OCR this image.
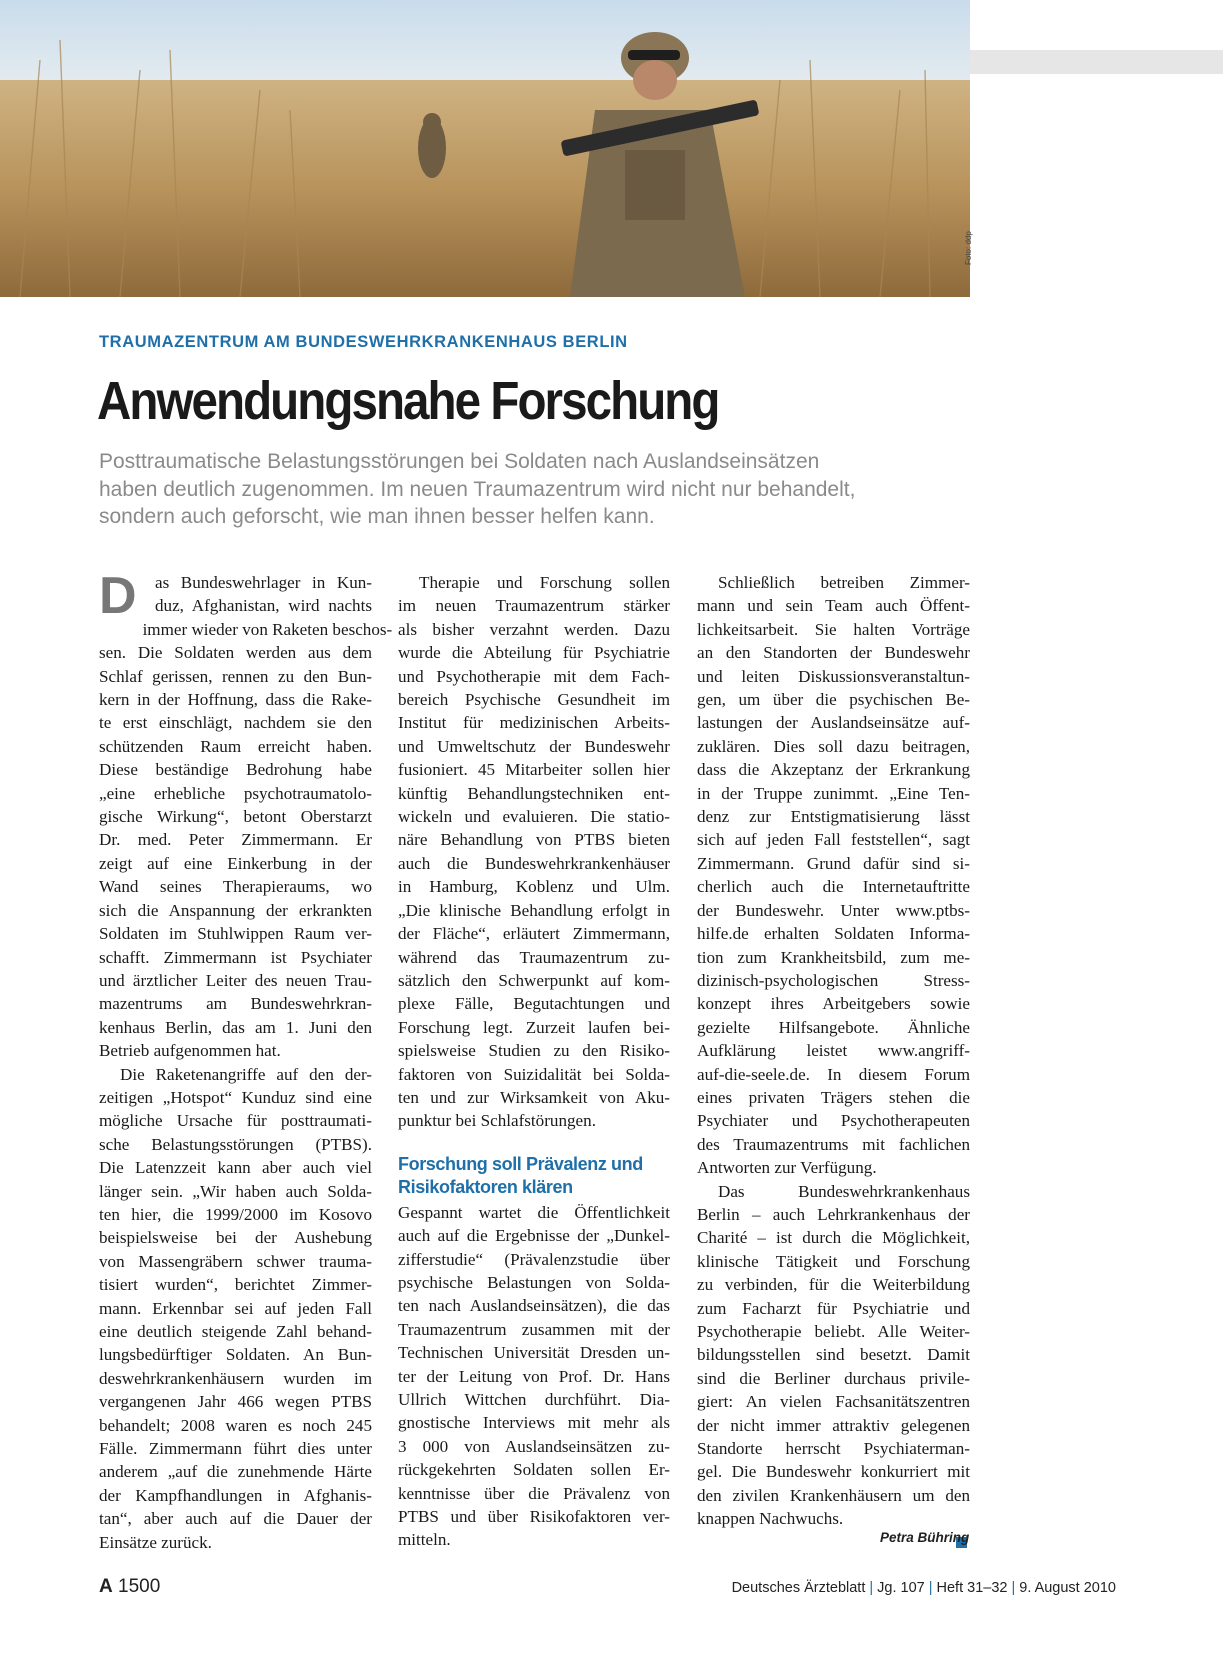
Foto: ddp
TRAUMAZENTRUM AM BUNDESWEHRKRANKENHAUS BERLIN
Anwendungsnahe Forschung

Posttraumatische Belastungsstörungen bei Soldaten nach Auslandseinsätzen

haben deutlich zugenommen. Im neuen Traumazentrum wird nicht nur behandelt,

sondern auch geforscht, wie man ihnen besser helfen kann.

D	as Bundeswehrlager in Kun-

duz, Afghanistan, wird nachts

immer wieder von Raketen beschos-

sen. Die Soldaten werden aus dem

Schlaf gerissen, rennen zu den Bun-

kern in der Hoffnung, dass die Rake-

te erst einschlägt, nachdem sie den

schützenden Raum erreicht haben.

Diese beständige Bedrohung habe

„eine erhebliche psychotraumatolo-

gische Wirkung“, betont Oberstarzt

Dr. med. Peter Zimmermann. Er

zeigt auf eine Einkerbung in der

Wand seines Therapieraums, wo

sich die Anspannung der erkrankten

Soldaten im Stuhlwippen Raum ver-

schafft. Zimmermann ist Psychiater

und ärztlicher Leiter des neuen Trau-

mazentrums am Bundeswehrkran-

kenhaus Berlin, das am 1. Juni den

Betrieb aufgenommen hat.

Die Raketenangriffe auf den der-

zeitigen „Hotspot“ Kunduz sind eine

mögliche Ursache für posttraumati-

sche Belastungsstörungen (PTBS).

Die Latenzzeit kann aber auch viel

länger sein. „Wir haben auch Solda-

ten hier, die 1999/2000 im Kosovo

beispielsweise bei der Aushebung

von Massengräbern schwer trauma-

tisiert wurden“, berichtet Zimmer-

mann. Erkennbar sei auf jeden Fall

eine deutlich steigende Zahl behand-

lungsbedürftiger Soldaten. An Bun-

deswehrkrankenhäusern wurden im

vergangenen Jahr 466 wegen PTBS

behandelt; 2008 waren es noch 245

Fälle. Zimmermann führt dies unter

anderem „auf die zunehmende Härte

der Kampfhandlungen in Afghanis-

tan“, aber auch auf die Dauer der

Einsätze zurück.

Therapie und Forschung sollen

im neuen Traumazentrum stärker

als bisher verzahnt werden. Dazu

wurde die Abteilung für Psychiatrie

und Psychotherapie mit dem Fach-

bereich Psychische Gesundheit im

Institut für medizinischen Arbeits-

und Umweltschutz der Bundeswehr

fusioniert. 45 Mitarbeiter sollen hier

künftig Behandlungstechniken ent-

wickeln und evaluieren. Die statio-

näre Behandlung von PTBS bieten

auch die Bundeswehrkrankenhäuser

in Hamburg, Koblenz und Ulm.

„Die klinische Behandlung erfolgt in

der Fläche“, erläutert Zimmermann,

während das Traumazentrum zu-

sätzlich den Schwerpunkt auf kom-

plexe Fälle, Begutachtungen und

Forschung legt. Zurzeit laufen bei-

spielsweise Studien zu den Risiko-

faktoren von Suizidalität bei Solda-

ten und zur Wirksamkeit von Aku-

punktur bei Schlafstörungen.

Forschung soll Prävalenz und
Risikofaktoren klären

Gespannt wartet die Öffentlichkeit

auch auf die Ergebnisse der „Dunkel-

zifferstudie“ (Prävalenzstudie über

psychische Belastungen von Solda-

ten nach Auslandseinsätzen), die das

Traumazentrum zusammen mit der

Technischen Universität Dresden un-

ter der Leitung von Prof. Dr. Hans

Ullrich Wittchen durchführt. Dia-

gnostische Interviews mit mehr als

3 000 von Auslandseinsätzen zu-

rückgekehrten Soldaten sollen Er-

kenntnisse über die Prävalenz von

PTBS und über Risikofaktoren ver-

mitteln.

Schließlich betreiben Zimmer-

mann und sein Team auch Öffent-

lichkeitsarbeit. Sie halten Vorträge

an den Standorten der Bundeswehr

und leiten Diskussionsveranstaltun-

gen, um über die psychischen Be-

lastungen der Auslandseinsätze auf-

zuklären. Dies soll dazu beitragen,

dass die Akzeptanz der Erkrankung

in der Truppe zunimmt. „Eine Ten-

denz zur Entstigmatisierung lässt

sich auf jeden Fall feststellen“, sagt

Zimmermann. Grund dafür sind si-

cherlich auch die Internetauftritte

der Bundeswehr. Unter www.ptbs-

hilfe.de erhalten Soldaten Informa-

tion zum Krankheitsbild, zum me-

dizinisch-psychologischen Stress-

konzept ihres Arbeitgebers sowie

gezielte Hilfsangebote. Ähnliche

Aufklärung leistet www.angriff-

auf-die-seele.de. In diesem Forum

eines privaten Trägers stehen die

Psychiater und Psychotherapeuten

des Traumazentrums mit fachlichen

Antworten zur Verfügung.

Das Bundeswehrkrankenhaus

Berlin – auch Lehrkrankenhaus der

Charité – ist durch die Möglichkeit,

klinische Tätigkeit und Forschung

zu verbinden, für die Weiterbildung

zum Facharzt für Psychiatrie und

Psychotherapie beliebt. Alle Weiter-

bildungsstellen sind besetzt. Damit

sind die Berliner durchaus privile-

giert: An vielen Fachsanitätszentren

der nicht immer attraktiv gelegenen

Standorte herrscht Psychiaterman-

gel. Die Bundeswehr konkurriert mit

den zivilen Krankenhäusern um den

knappen Nachwuchs.

Petra Bühring
A 1500	Deutsches Ärzteblatt | Jg. 107 | Heft 31–32 | 9. August 2010
